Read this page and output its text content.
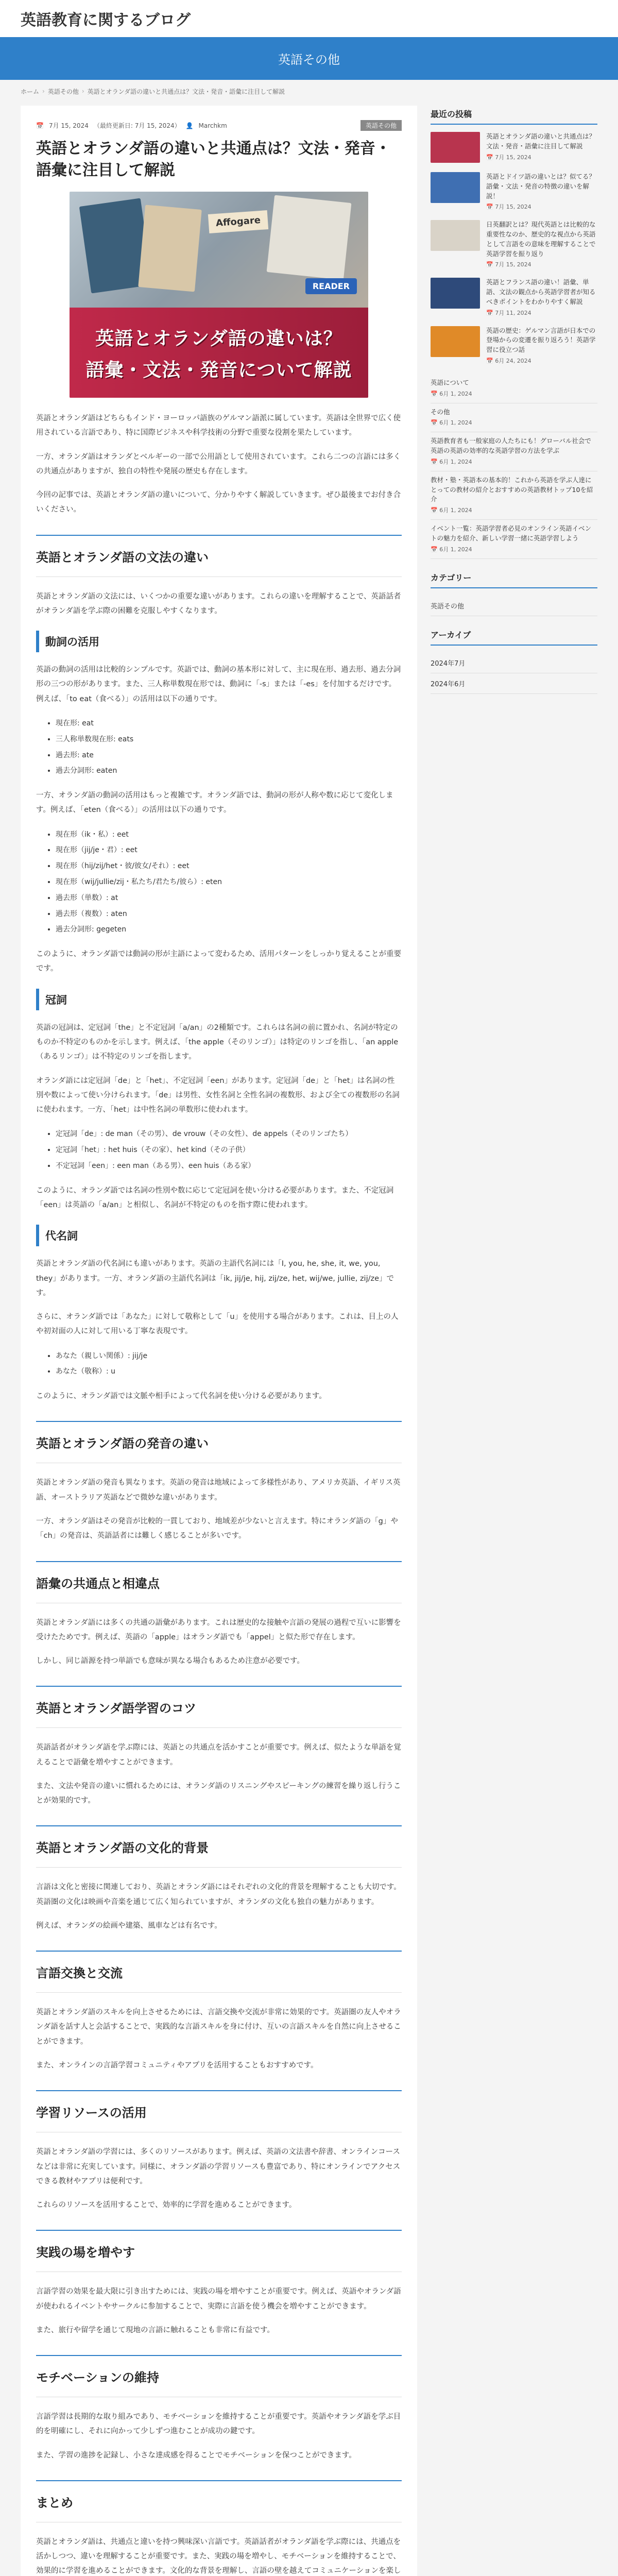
英語教育に関するブログ
英語その他
ホーム › 英語その他 › 英語とオランダ語の違いと共通点は？文法・発音・語彙に注目して解説
📅 7月 15, 2024 （最終更新日: 7月 15, 2024） 👤 Marchkm	英語その他
英語とオランダ語の違いと共通点は？文法・発音・語彙に注目して解説
Affogare
READER
英語とオランダ語の違いは？
語彙・文法・発音について解説

英語とオランダ語はどちらもインド・ヨーロッパ語族のゲルマン語派に属しています。英語は全世界で広く使用されている言語であり、特に国際ビジネスや科学技術の分野で重要な役割を果たしています。

一方、オランダ語はオランダとベルギーの一部で公用語として使用されています。これら二つの言語には多くの共通点がありますが、独自の特性や発展の歴史も存在します。

今回の記事では、英語とオランダ語の違いについて、分かりやすく解説していきます。ぜひ最後までお付き合いください。

英語とオランダ語の文法の違い

英語とオランダ語の文法には、いくつかの重要な違いがあります。これらの違いを理解することで、英語話者がオランダ語を学ぶ際の困難を克服しやすくなります。

動詞の活用

英語の動詞の活用は比較的シンプルです。英語では、動詞の基本形に対して、主に現在形、過去形、過去分詞形の三つの形があります。また、三人称単数現在形では、動詞に「-s」または「-es」を付加するだけです。例えば、「to eat（食べる）」の活用は以下の通りです。

• 現在形: eat
• 三人称単数現在形: eats
• 過去形: ate
• 過去分詞形: eaten

一方、オランダ語の動詞の活用はもっと複雑です。オランダ語では、動詞の形が人称や数に応じて変化します。例えば、「eten（食べる）」の活用は以下の通りです。

• 現在形（ik・私）: eet
• 現在形（jij/je・君）: eet
• 現在形（hij/zij/het・彼/彼女/それ）: eet
• 現在形（wij/jullie/zij・私たち/君たち/彼ら）: eten
• 過去形（単数）: at
• 過去形（複数）: aten
• 過去分詞形: gegeten

このように、オランダ語では動詞の形が主語によって変わるため、活用パターンをしっかり覚えることが重要です。

冠詞

英語の冠詞は、定冠詞「the」と不定冠詞「a/an」の2種類です。これらは名詞の前に置かれ、名詞が特定のものか不特定のものかを示します。例えば、「the apple（そのリンゴ）」は特定のリンゴを指し、「an apple（あるリンゴ）」は不特定のリンゴを指します。

オランダ語には定冠詞「de」と「het」、不定冠詞「een」があります。定冠詞「de」と「het」は名詞の性別や数によって使い分けられます。「de」は男性、女性名詞と全性名詞の複数形、および全ての複数形の名詞に使われます。一方、「het」は中性名詞の単数形に使われます。

• 定冠詞「de」: de man（その男）、de vrouw（その女性）、de appels（そのリンゴたち）
• 定冠詞「het」: het huis（その家）、het kind（その子供）
• 不定冠詞「een」: een man（ある男）、een huis（ある家）

このように、オランダ語では名詞の性別や数に応じて定冠詞を使い分ける必要があります。また、不定冠詞「een」は英語の「a/an」と相似し、名詞が不特定のものを指す際に使われます。

代名詞

英語とオランダ語の代名詞にも違いがあります。英語の主語代名詞には「I, you, he, she, it, we, you, they」があります。一方、オランダ語の主語代名詞は「ik, jij/je, hij, zij/ze, het, wij/we, jullie, zij/ze」です。

さらに、オランダ語では「あなた」に対して敬称として「u」を使用する場合があります。これは、目上の人や初対面の人に対して用いる丁寧な表現です。

• あなた（親しい関係）: jij/je
• あなた（敬称）: u

このように、オランダ語では文脈や相手によって代名詞を使い分ける必要があります。

英語とオランダ語の発音の違い

英語とオランダ語の発音も異なります。英語の発音は地域によって多様性があり、アメリカ英語、イギリス英語、オーストラリア英語などで微妙な違いがあります。

一方、オランダ語はその発音が比較的一貫しており、地域差が少ないと言えます。特にオランダ語の「g」や「ch」の発音は、英語話者には難しく感じることが多いです。

語彙の共通点と相違点

英語とオランダ語には多くの共通の語彙があります。これは歴史的な接触や言語の発展の過程で互いに影響を受けたためです。例えば、英語の「apple」はオランダ語でも「appel」と似た形で存在します。

しかし、同じ語源を持つ単語でも意味が異なる場合もあるため注意が必要です。

英語とオランダ語学習のコツ

英語話者がオランダ語を学ぶ際には、英語との共通点を活かすことが重要です。例えば、似たような単語を覚えることで語彙を増やすことができます。

また、文法や発音の違いに慣れるためには、オランダ語のリスニングやスピーキングの練習を繰り返し行うことが効果的です。

英語とオランダ語の文化的背景

言語は文化と密接に関連しており、英語とオランダ語にはそれぞれの文化的背景を理解することも大切です。英語圏の文化は映画や音楽を通じて広く知られていますが、オランダの文化も独自の魅力があります。

例えば、オランダの絵画や建築、風車などは有名です。

言語交換と交流

英語とオランダ語のスキルを向上させるためには、言語交換や交流が非常に効果的です。英語圏の友人やオランダ語を話す人と会話することで、実践的な言語スキルを身に付け、互いの言語スキルを自然に向上させることができます。

また、オンラインの言語学習コミュニティやアプリを活用することもおすすめです。

学習リソースの活用

英語とオランダ語の学習には、多くのリソースがあります。例えば、英語の文法書や辞書、オンラインコースなどは非常に充実しています。同様に、オランダ語の学習リソースも豊富であり、特にオンラインでアクセスできる教材やアプリは便利です。

これらのリソースを活用することで、効率的に学習を進めることができます。

実践の場を増やす

言語学習の効果を最大限に引き出すためには、実践の場を増やすことが重要です。例えば、英語やオランダ語が使われるイベントやサークルに参加することで、実際に言語を使う機会を増やすことができます。

また、旅行や留学を通じて現地の言語に触れることも非常に有益です。

モチベーションの維持

言語学習は長期的な取り組みであり、モチベーションを維持することが重要です。英語やオランダ語を学ぶ目的を明確にし、それに向かって少しずつ進むことが成功の鍵です。

また、学習の進捗を記録し、小さな達成感を得ることでモチベーションを保つことができます。

まとめ

英語とオランダ語は、共通点と違いを持つ興味深い言語です。英語話者がオランダ語を学ぶ際には、共通点を活かしつつ、違いを理解することが重要です。また、実践の場を増やし、モチベーションを維持することで、効果的に学習を進めることができます。文化的な背景を理解し、言語の壁を越えてコミュニケーションを楽し

最近の投稿
英語とオランダ語の違いと共通点は？文法・発音・語彙に注目して解説
📅 7月 15, 2024
英語とドイツ語の違いとは？似てる？語彙・文法・発音の特徴の違いを解説！
📅 7月 15, 2024
日英翻訳とは？現代英語とは比較的な重要性なのか、歴史的な視点から英語として言語をの意味を理解することで英語学習を振り返り
📅 7月 15, 2024
英語とフランス語の違い！語彙、単語、文法の観点から英語学習者が知るべきポイントをわかりやすく解説
📅 7月 11, 2024
英語の歴史：ゲルマン言語が日本での登場からの変遷を振り返ろう！英語学習に役立つ話
📅 6月 24, 2024
英語について
📅 6月 1, 2024
その他
📅 6月 1, 2024
英語教育者も一般家庭の人たちにも！グローバル社会で英語の英語の効率的な英語学習の方法を学ぶ
📅 6月 1, 2024
教材・塾・英語本の基本的！これから英語を学ぶ人達にとっての教材の紹介とおすすめの英語教材トップ10を紹介
📅 6月 1, 2024
イベント一覧：英語学習者必見のオンライン英語イベントの魅力を紹介、新しい学習一緒に英語学習しよう
📅 6月 1, 2024
カテゴリー
英語その他
アーカイブ
2024年7月
2024年6月
